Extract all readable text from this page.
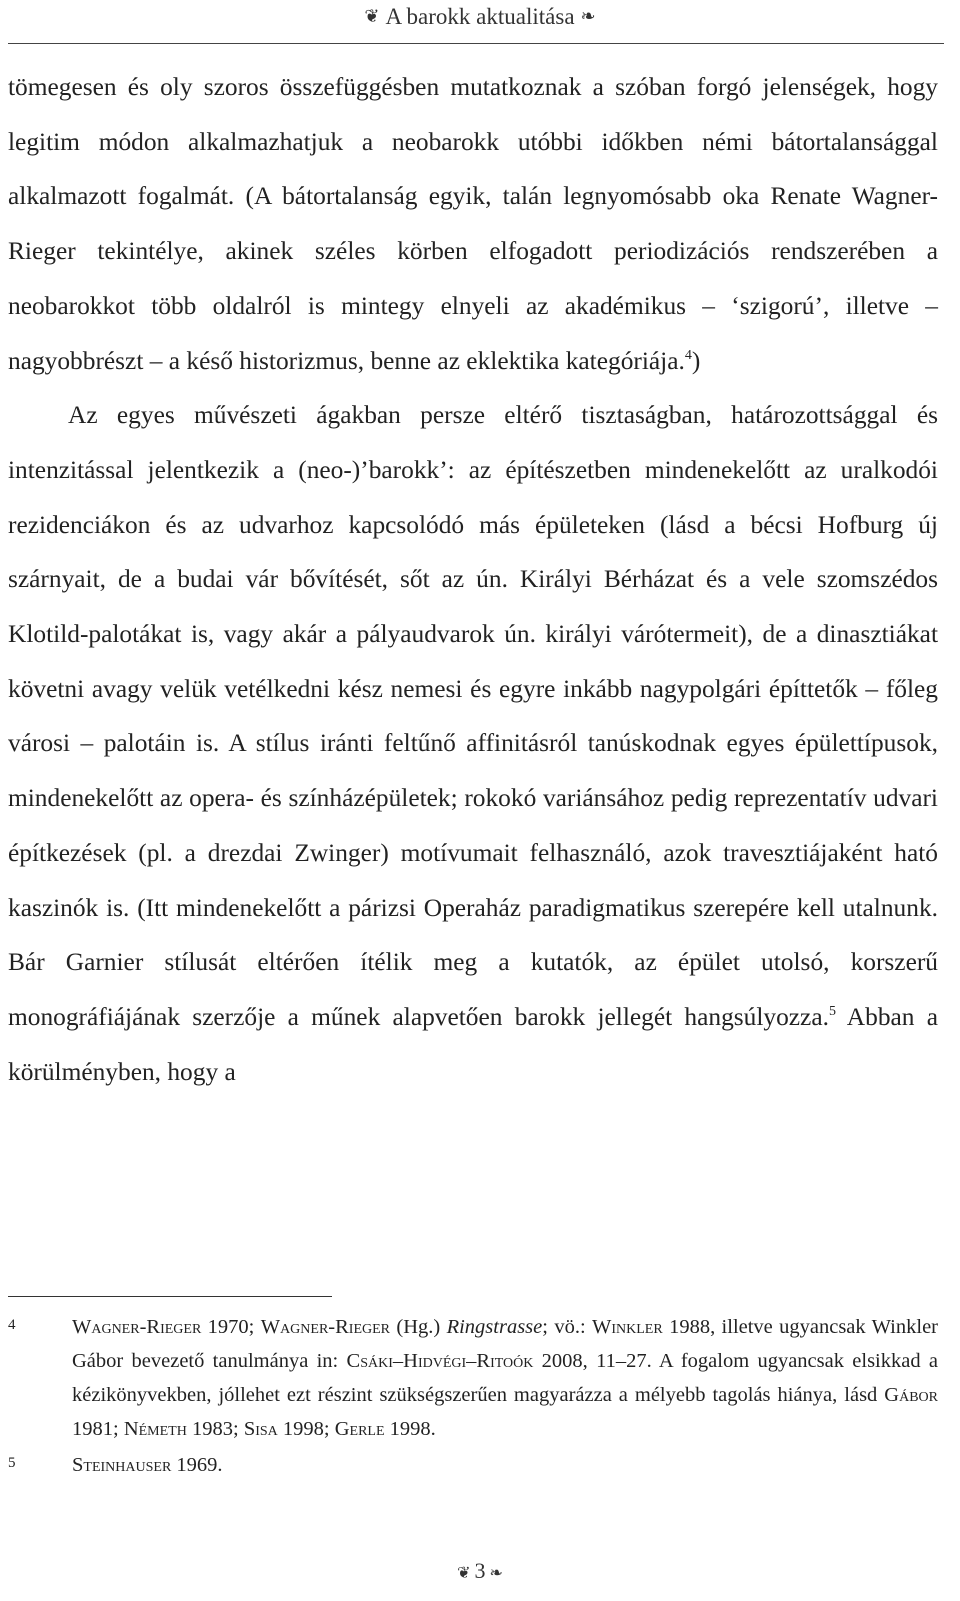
❦ A barokk aktualitása ❧

tömegesen és oly szoros összefüggésben mutatkoznak a szóban forgó jelenségek, hogy legitim módon alkalmazhatjuk a neobarokk utóbbi időkben némi bátortalansággal alkalmazott fogalmát. (A bátortalanság egyik, talán legnyomósabb oka Renate Wagner-Rieger tekintélye, akinek széles körben elfogadott periodizációs rendszerében a neobarokkot több oldalról is mintegy elnyeli az akadémikus – ‘szigorú’, illetve – nagyobbrészt – a késő historizmus, benne az eklektika kategóriája.$^4$)

Az egyes művészeti ágakban persze eltérő tisztaságban, határozottsággal és intenzitással jelentkezik a (neo-)’barokk’: az építészetben mindenekelőtt az uralkodói rezidenciákon és az udvarhoz kapcsolódó más épületeken (lásd a bécsi Hofburg új szárnyait, de a budai vár bővítését, sőt az ún. Királyi Bérházat és a vele szomszédos Klotild-palotákat is, vagy akár a pályaudvarok ún. királyi várótermeit), de a dinasztiákat követni avagy velük vetélkedni kész nemesi és egyre inkább nagypolgári építtetők – főleg városi – palotáin is. A stílus iránti feltűnő affinitásról tanúskodnak egyes épülettípusok, mindenekelőtt az opera- és színházépületek; rokokó variánsához pedig reprezentatív udvari építkezések (pl. a drezdai Zwinger) motívumait felhasználó, azok travesztiájaként ható kaszinók is. (Itt mindenekelőtt a párizsi Operaház paradigmatikus szerepére kell utalnunk. Bár Garnier stílusát eltérően ítélik meg a kutatók, az épület utolsó, korszerű monográfiájának szerzője a műnek alapvetően barokk jellegét hangsúlyozza.$^5$ Abban a körülményben, hogy a

4	Wagner-Rieger 1970; Wagner-Rieger (Hg.) Ringstrasse; vö.: Winkler 1988, illetve ugyancsak Winkler Gábor bevezető tanulmánya in: Csáki–Hidvégi–Ritoók 2008, 11–27. A fogalom ugyancsak elsikkad a kézikönyvekben, jóllehet ezt részint szükségszerűen magyarázza a mélyebb tagolás hiánya, lásd Gábor 1981; Németh 1983; Sisa 1998; Gerle 1998.
5	Steinhauser 1969.
❦ 3 ❧
